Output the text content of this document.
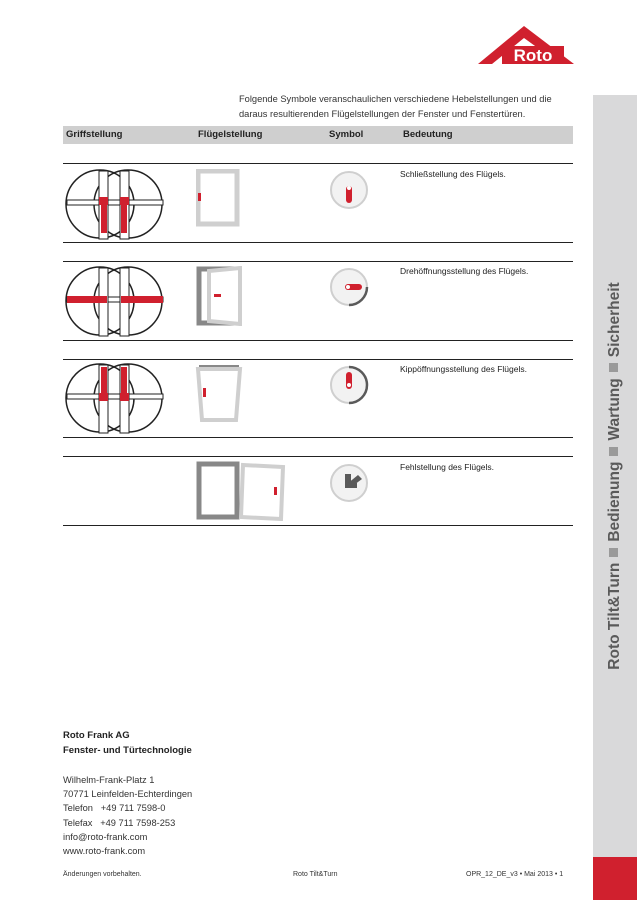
Roto
Folgende Symbole veranschaulichen verschiedene Hebelstellungen und die daraus resultierenden Flügelstellungen der Fenster und Fenstertüren.
Griffstellung	Flügelstellung	Symbol	Bedeutung
Schließstellung des Flügels.
Drehöffnungsstellung des Flügels.
Kippöffnungsstellung des Flügels.
Fehlstellung des Flügels.
Roto Tilt&TurnBedienungWartungSicherheit
Roto Frank AG
Fenster- und Türtechnologie
Wilhelm-Frank-Platz 1
70771 Leinfelden-Echterdingen
Telefon   +49 711 7598-0
Telefax   +49 711 7598-253
info@roto-frank.com
www.roto-frank.com
Änderungen vorbehalten.	Roto Tilt&Turn	OPR_12_DE_v3 • Mai 2013 • 1
